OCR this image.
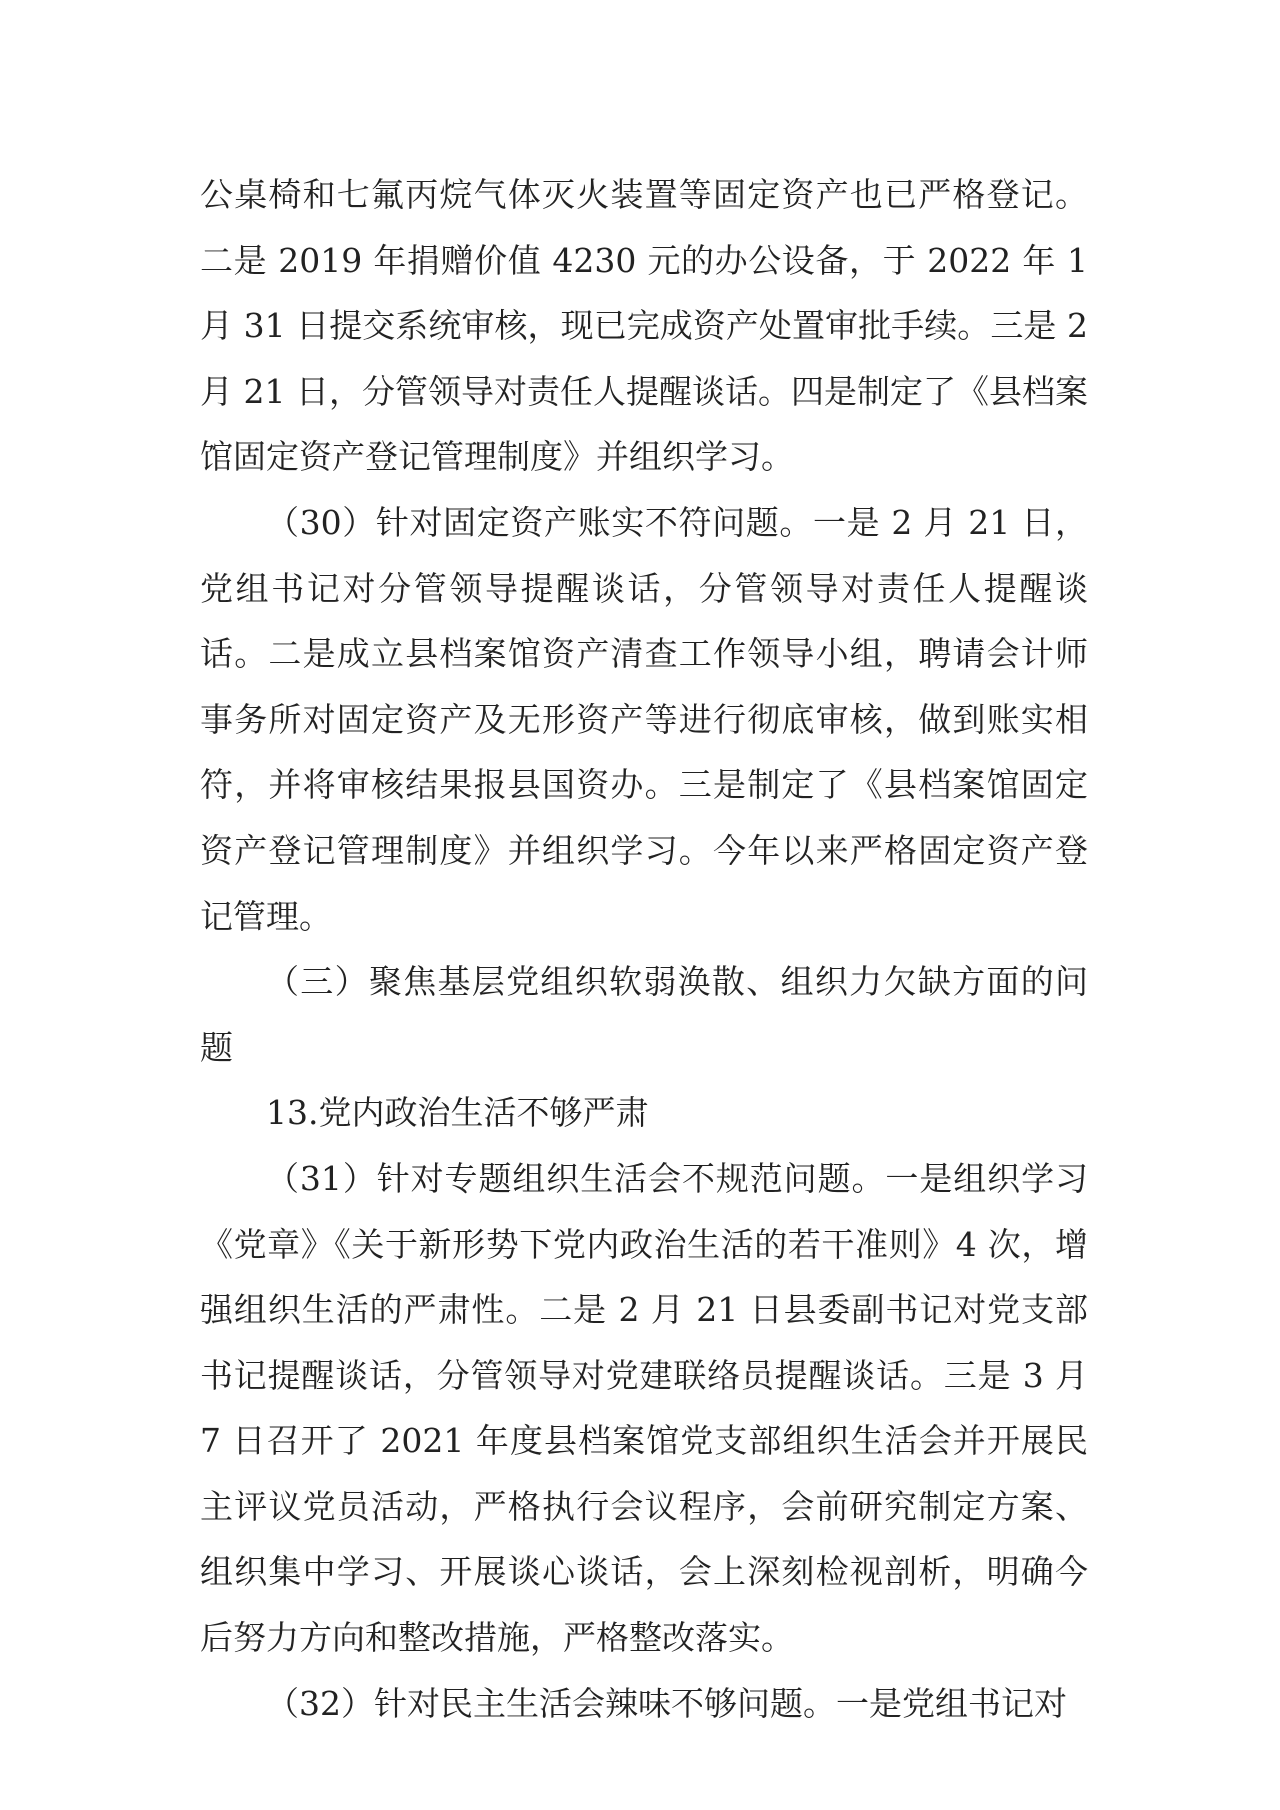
公桌椅和七氟丙烷气体灭火装置等固定资产也已严格登记。二是 2019 年捐赠价值 4230 元的办公设备，于 2022 年 1 月 31 日提交系统审核，现已完成资产处置审批手续。三是 2 月 21 日，分管领导对责任人提醒谈话。四是制定了《县档案馆固定资产登记管理制度》并组织学习。

（30）针对固定资产账实不符问题。一是 2 月 21 日，党组书记对分管领导提醒谈话，分管领导对责任人提醒谈话。二是成立县档案馆资产清查工作领导小组，聘请会计师事务所对固定资产及无形资产等进行彻底审核，做到账实相符，并将审核结果报县国资办。三是制定了《县档案馆固定资产登记管理制度》并组织学习。今年以来严格固定资产登记管理。

（三）聚焦基层党组织软弱涣散、组织力欠缺方面的问题

13.党内政治生活不够严肃

（31）针对专题组织生活会不规范问题。一是组织学习《党章》《关于新形势下党内政治生活的若干准则》4 次，增强组织生活的严肃性。二是 2 月 21 日县委副书记对党支部书记提醒谈话，分管领导对党建联络员提醒谈话。三是 3 月 7 日召开了 2021 年度县档案馆党支部组织生活会并开展民主评议党员活动，严格执行会议程序，会前研究制定方案、组织集中学习、开展谈心谈话，会上深刻检视剖析，明确今后努力方向和整改措施，严格整改落实。

（32）针对民主生活会辣味不够问题。一是党组书记对
